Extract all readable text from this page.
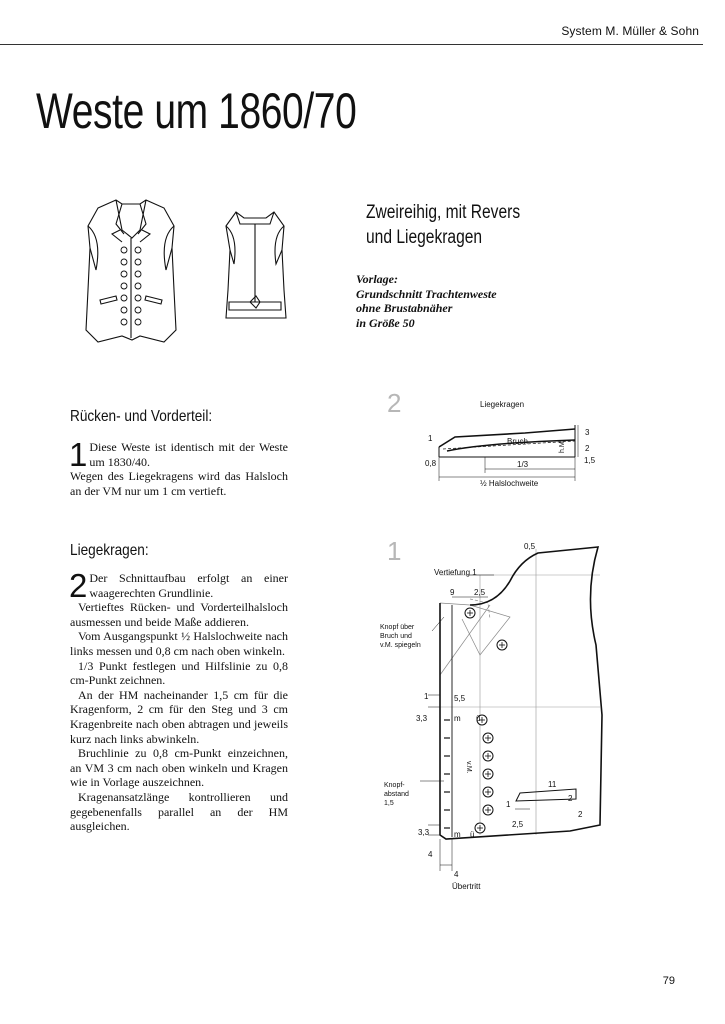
System M. Müller & Sohn
Weste um 1860/70
Zweireihig, mit Revers
und Liegekragen
Vorlage:
Grundschnitt Trachtenweste
ohne Brustabnäher
in Größe 50
Rücken- und Vorderteil:
1 Diese Weste ist identisch mit der Weste um 1830/40.

Wegen des Liegekragens wird das Halsloch an der VM nur um 1 cm vertieft.

Liegekragen:
2 Der Schnittaufbau erfolgt an einer waagerechten Grundlinie.

Vertieftes Rücken- und Vorderteilhalsloch ausmessen und beide Maße addieren.

Vom Ausgangspunkt ½ Halslochweite nach links messen und 0,8 cm nach oben winkeln.

1/3 Punkt festlegen und Hilfslinie zu 0,8 cm-Punkt zeichnen.

An der HM nacheinander 1,5 cm für die Kragenform, 2 cm für den Steg und 3 cm Kragenbreite nach oben abtragen und jeweils kurz nach links abwinkeln.

Bruchlinie zu 0,8 cm-Punkt einzeichnen, an VM 3 cm nach oben winkeln und Kragen wie in Vorlage auszeichnen.

Kragenansatzlänge kontrollieren und gegebenenfalls parallel an der HM ausgleichen.

2
1
Liegekragen
Bruch	h.M.
1/3
½ Halslochweite
1
0,8
3
2
1,5
0,5
Vertiefung 1
9 2,5
Knopf über
Bruch und
v.M. spiegeln
1	5,5
3,3	m ü
v.M.
Knopf-
abstand
1,5
11
2
1
2
2,5
3,3	m ü
4
4
Übertritt
79
